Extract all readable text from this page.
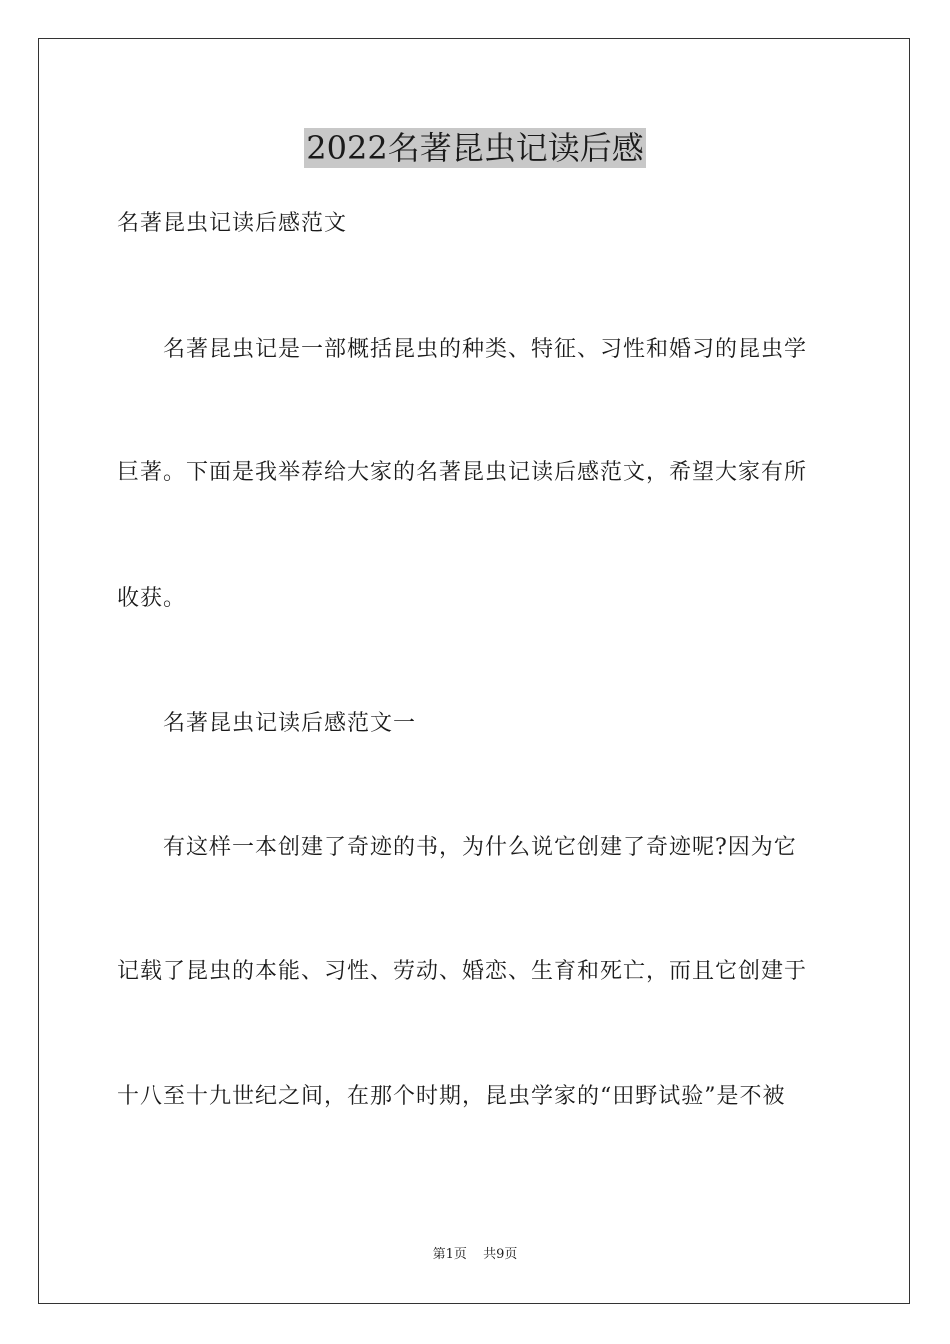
2022名著昆虫记读后感
名著昆虫记读后感范文
名著昆虫记是一部概括昆虫的种类、特征、习性和婚习的昆虫学
巨著。下面是我举荐给大家的名著昆虫记读后感范文，希望大家有所
收获。
名著昆虫记读后感范文一
有这样一本创建了奇迹的书，为什么说它创建了奇迹呢?因为它
记载了昆虫的本能、习性、劳动、婚恋、生育和死亡，而且它创建于
十八至十九世纪之间，在那个时期，昆虫学家的“田野试验”是不被
第1页 共9页
